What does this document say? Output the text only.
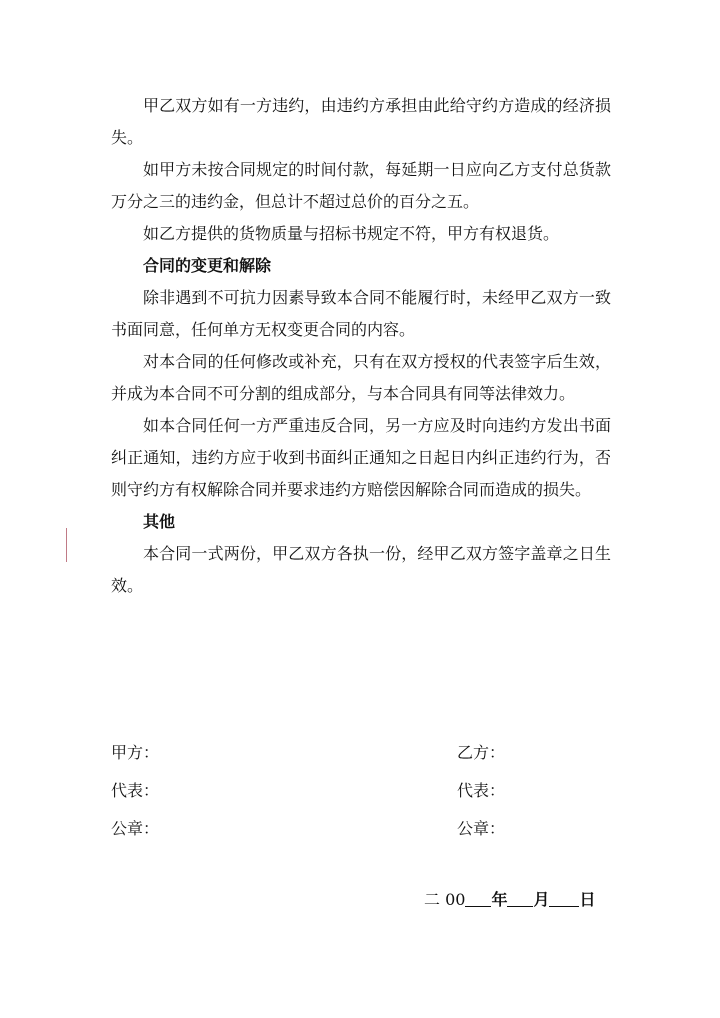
甲乙双方如有一方违约，由违约方承担由此给守约方造成的经济损失。

如甲方未按合同规定的时间付款，每延期一日应向乙方支付总货款万分之三的违约金，但总计不超过总价的百分之五。

如乙方提供的货物质量与招标书规定不符，甲方有权退货。

合同的变更和解除

除非遇到不可抗力因素导致本合同不能履行时，未经甲乙双方一致书面同意，任何单方无权变更合同的内容。

对本合同的任何修改或补充，只有在双方授权的代表签字后生效，并成为本合同不可分割的组成部分，与本合同具有同等法律效力。

如本合同任何一方严重违反合同，另一方应及时向违约方发出书面纠正通知，违约方应于收到书面纠正通知之日起日内纠正违约行为，否则守约方有权解除合同并要求违约方赔偿因解除合同而造成的损失。

其他

本合同一式两份，甲乙双方各执一份，经甲乙双方签字盖章之日生效。

甲方：

代表：

公章：

乙方：

代表：

公章：

二 00 年 月 日
